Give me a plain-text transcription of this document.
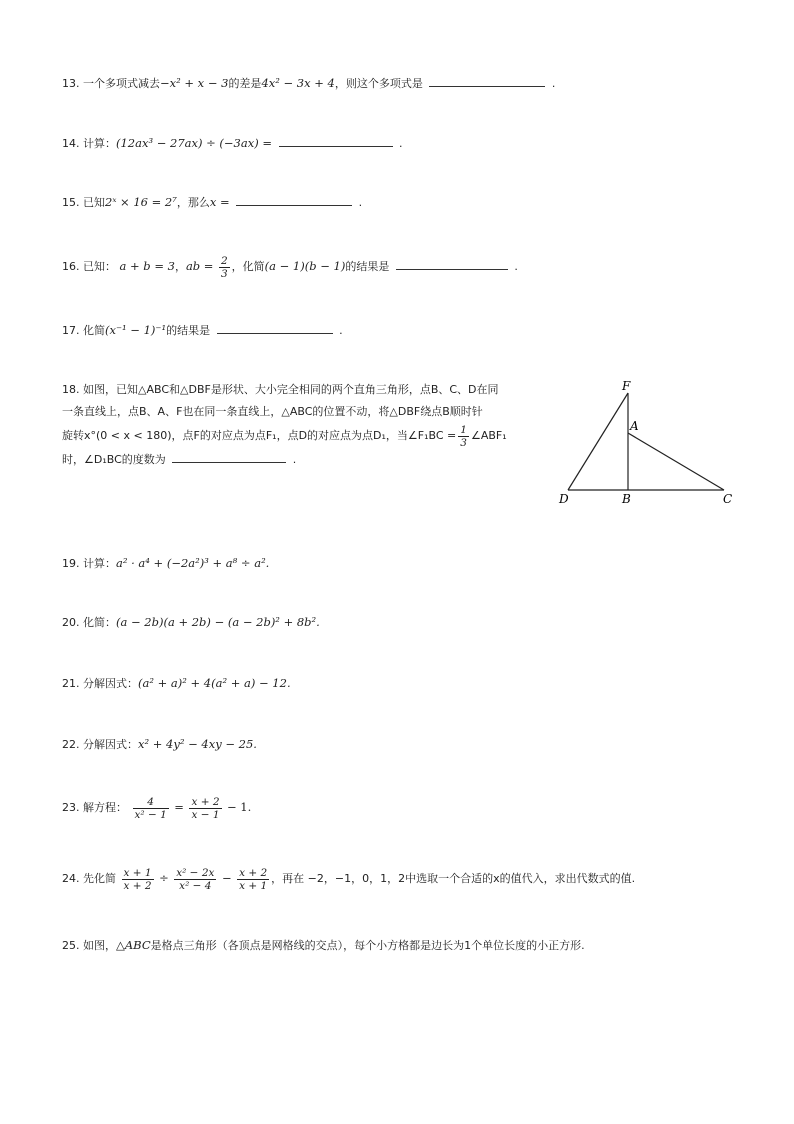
13. 一个多项式减去−x² + x − 3的差是4x² − 3x + 4，则这个多项式是	.
14. 计算：(12ax³ − 27ax) ÷ (−3ax) =	.
15. 已知2ˣ × 16 = 2⁷，那么x =	.
16. 已知： a + b = 3，ab = $\frac{2}{3}$ ，化简(a − 1)(b − 1)的结果是	.
17. 化简(x⁻¹ − 1)⁻¹的结果是	.
18. 如图，已知△ABC和△DBF是形状、大小完全相同的两个直角三角形，点B、C、D在同
一条直线上，点B、A、F也在同一条直线上，△ABC的位置不动，将△DBF绕点B顺时针
旋转x°(0 < x < 180)，点F的对应点为点F₁，点D的对应点为点D₁，当∠F₁BC = $\frac{1}{3}$ ∠ABF₁
时，∠D₁BC的度数为	.
F
A
D	B	C
19. 计算：a² · a⁴ + (−2a²)³ + a⁸ ÷ a².
20. 化简：(a − 2b)(a + 2b) − (a − 2b)² + 8b².
21. 分解因式：(a² + a)² + 4(a² + a) − 12.
22. 分解因式：x² + 4y² − 4xy − 25.
23. 解方程： $\frac{4}{\text{x² − 1}} = \frac{x + 2}{x - 1} - 1$.
24. 先化简 $\frac{x + 1}{x + 2} \div \frac{\text{x² − 2x}}{\text{x² − 4}} - \frac{x + 2}{x + 1}$ ，再在 −2，−1，0，1，2中选取一个合适的x的值代入，求出代数式的值.
25. 如图，△ABC是格点三角形（各顶点是网格线的交点），每个小方格都是边长为1个单位长度的小正方形.
